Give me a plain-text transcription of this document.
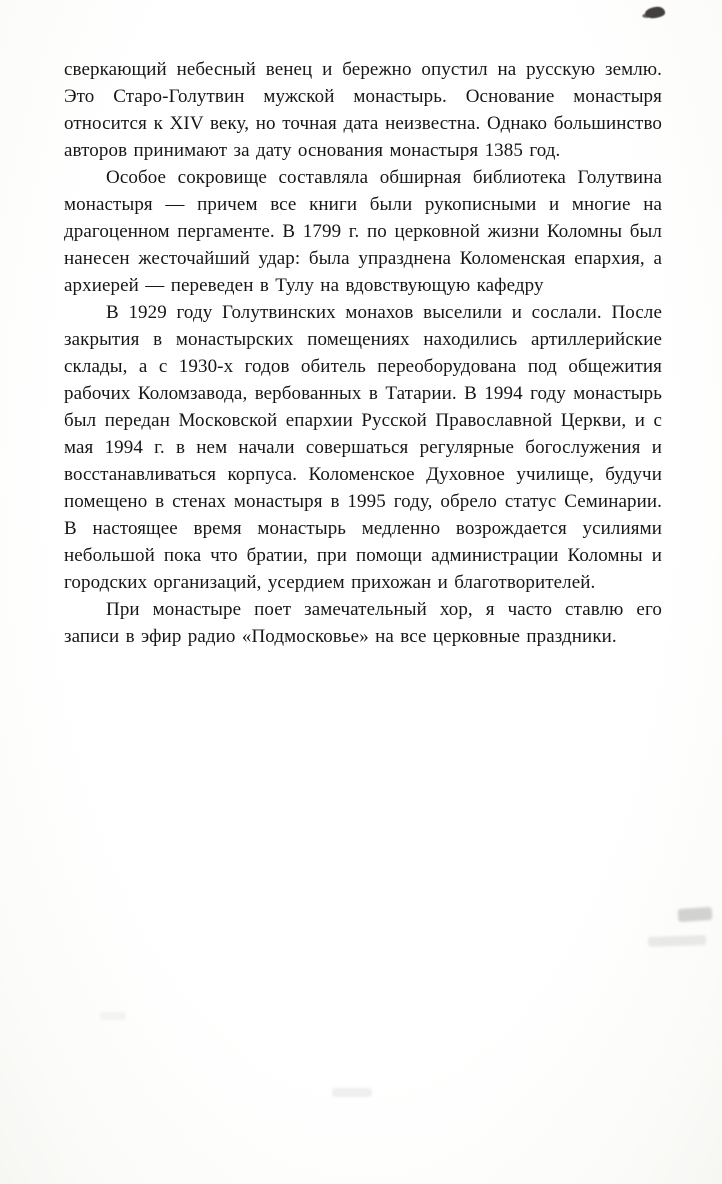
сверкающий небесный венец и бережно опустил на русскую землю. Это Старо-Голутвин мужской монастырь. Основание монастыря относится к XIV веку, но точная дата неизвестна. Однако большинство авторов принимают за дату основания монастыря 1385 год.

Особое сокровище составляла обширная библиотека Голутвина монастыря — причем все книги были рукописными и многие на драгоценном пергаменте. В 1799 г. по церковной жизни Коломны был нанесен жесточайший удар: была упразднена Коломенская епархия, а архиерей — переведен в Тулу на вдовствующую кафедру

В 1929 году Голутвинских монахов выселили и сослали. После закрытия в монастырских помещениях находились артиллерийские склады, а с 1930-х годов обитель переоборудована под общежития рабочих Коломзавода, вербованных в Татарии. В 1994 году монастырь был передан Московской епархии Русской Православной Церкви, и с мая 1994 г. в нем начали совершаться регулярные богослужения и восстанавливаться корпуса. Коломенское Духовное училище, будучи помещено в стенах монастыря в 1995 году, обрело статус Семинарии. В настоящее время монастырь медленно возрождается усилиями небольшой пока что братии, при помощи администрации Коломны и городских организаций, усердием прихожан и благотворителей.

При монастыре поет замечательный хор, я часто ставлю его записи в эфир радио «Подмосковье» на все церковные праздники.
